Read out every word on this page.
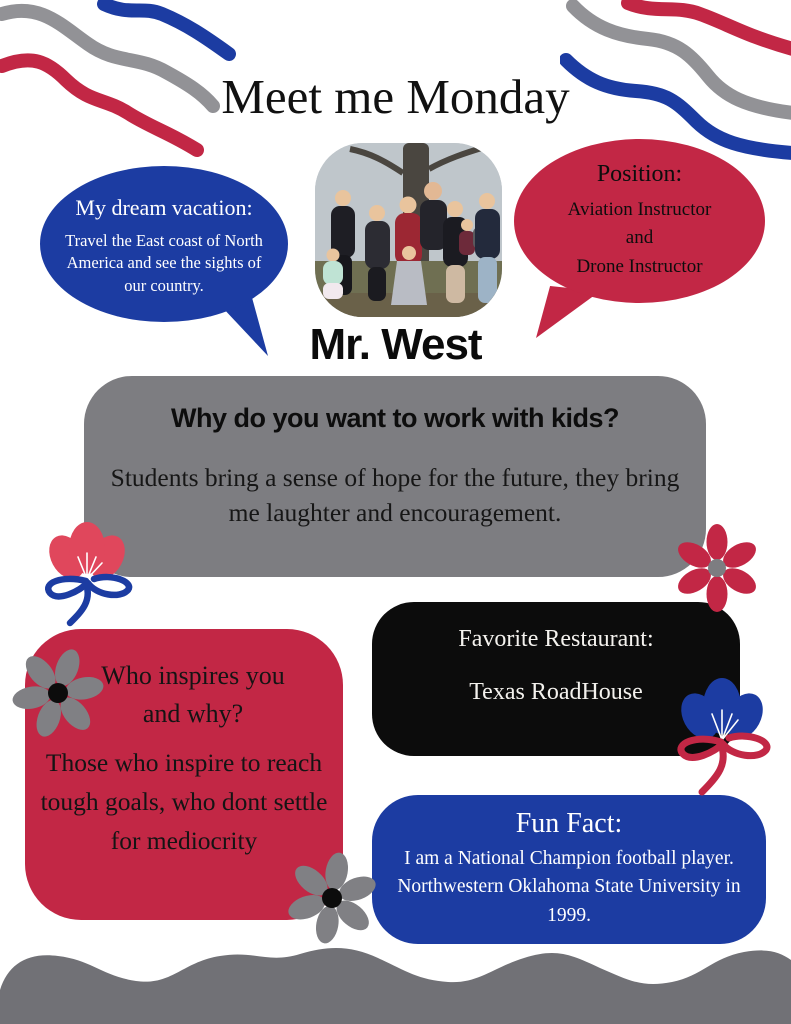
Meet me Monday
My dream vacation:
Travel the East coast of North America and see the sights of our country.
Position:
Aviation Instructor
and
Drone Instructor
Mr. West
Why do you want to work with kids?
Students bring a sense of hope for the future, they bring me laughter and encouragement.
Favorite Restaurant:
Texas RoadHouse
Who inspires you and why?
Those who inspire to reach tough goals, who dont settle for mediocrity
Fun Fact:
I am a National Champion football player. Northwestern Oklahoma State University in 1999.
